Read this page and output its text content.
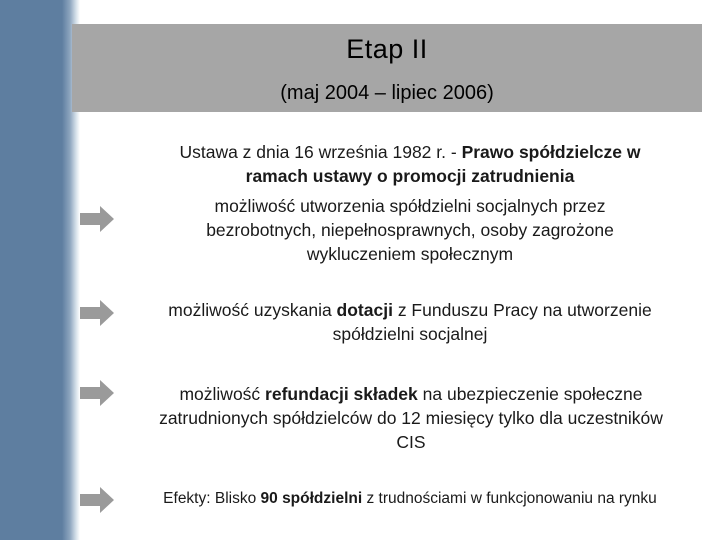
Etap II
(maj 2004 – lipiec 2006)
Ustawa z dnia 16 września 1982 r. - Prawo spółdzielcze w
ramach ustawy o promocji zatrudnienia
możliwość utworzenia spółdzielni socjalnych przez
bezrobotnych, niepełnosprawnych, osoby zagrożone
wykluczeniem społecznym
możliwość uzyskania dotacji z Funduszu Pracy na utworzenie
spółdzielni socjalnej
możliwość refundacji składek na ubezpieczenie społeczne
zatrudnionych spółdzielców do 12 miesięcy tylko dla uczestników
CIS
Efekty: Blisko 90 spółdzielni z trudnościami w funkcjonowaniu na rynku
